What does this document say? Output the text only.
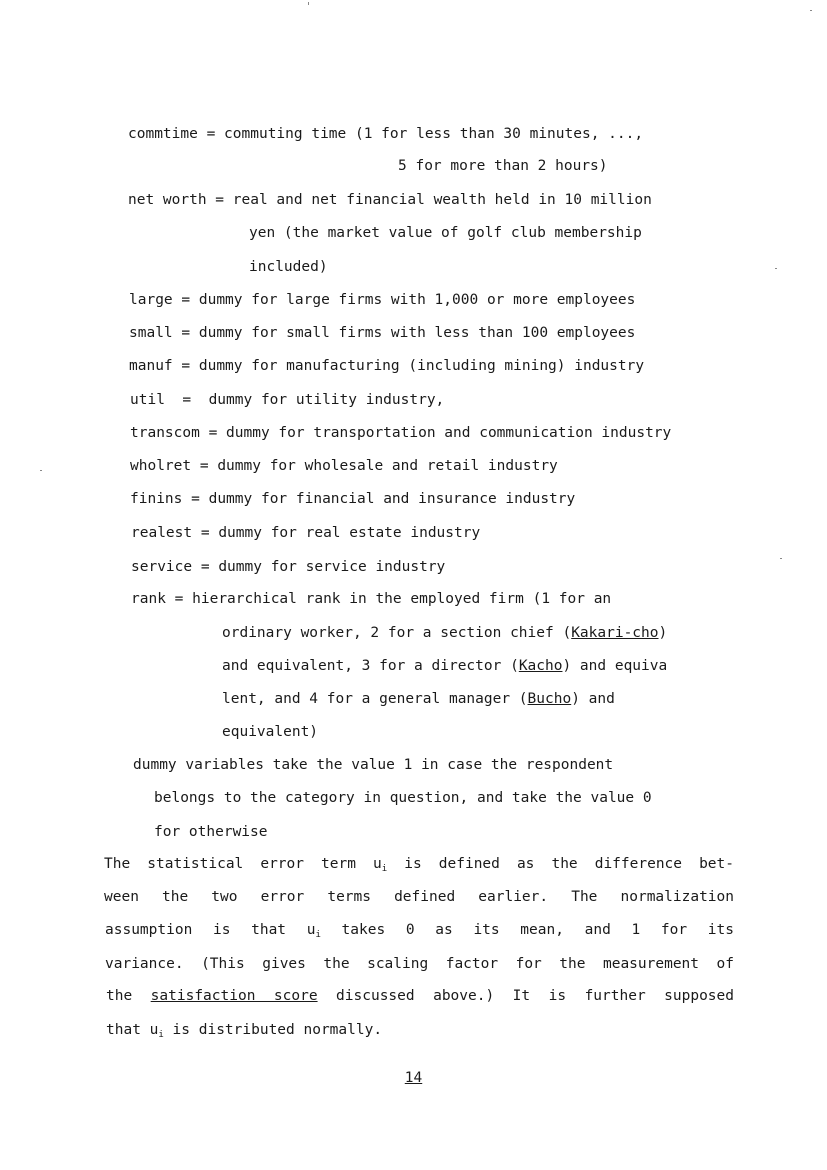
commtime = commuting time (1 for less than 30 minutes, ...,
5 for more than 2 hours)
net worth = real and net financial wealth held in 10 million
yen (the market value of golf club membership
included)
large = dummy for large firms with 1,000 or more employees
small = dummy for small firms with less than 100 employees
manuf = dummy for manufacturing (including mining) industry
util  =  dummy for utility industry,
transcom = dummy for transportation and communication industry
wholret = dummy for wholesale and retail industry
finins = dummy for financial and insurance industry
realest = dummy for real estate industry
service = dummy for service industry
rank = hierarchical rank in the employed firm (1 for an
ordinary worker, 2 for a section chief (Kakari-cho)
and equivalent, 3 for a director (Kacho) and equiva
lent, and 4 for a general manager (Bucho) and
equivalent)
dummy variables take the value 1 in case the respondent
belongs to the category in question, and take the value 0
for otherwise
The statistical error term $u_i$ is defined as the difference bet-
ween the two error terms defined earlier. The normalization
assumption is that $u_i$ takes 0 as its mean, and 1 for its
variance. (This gives the scaling factor for the measurement of
the satisfaction score discussed above.) It is further supposed
that $u_i$ is distributed normally.
14
